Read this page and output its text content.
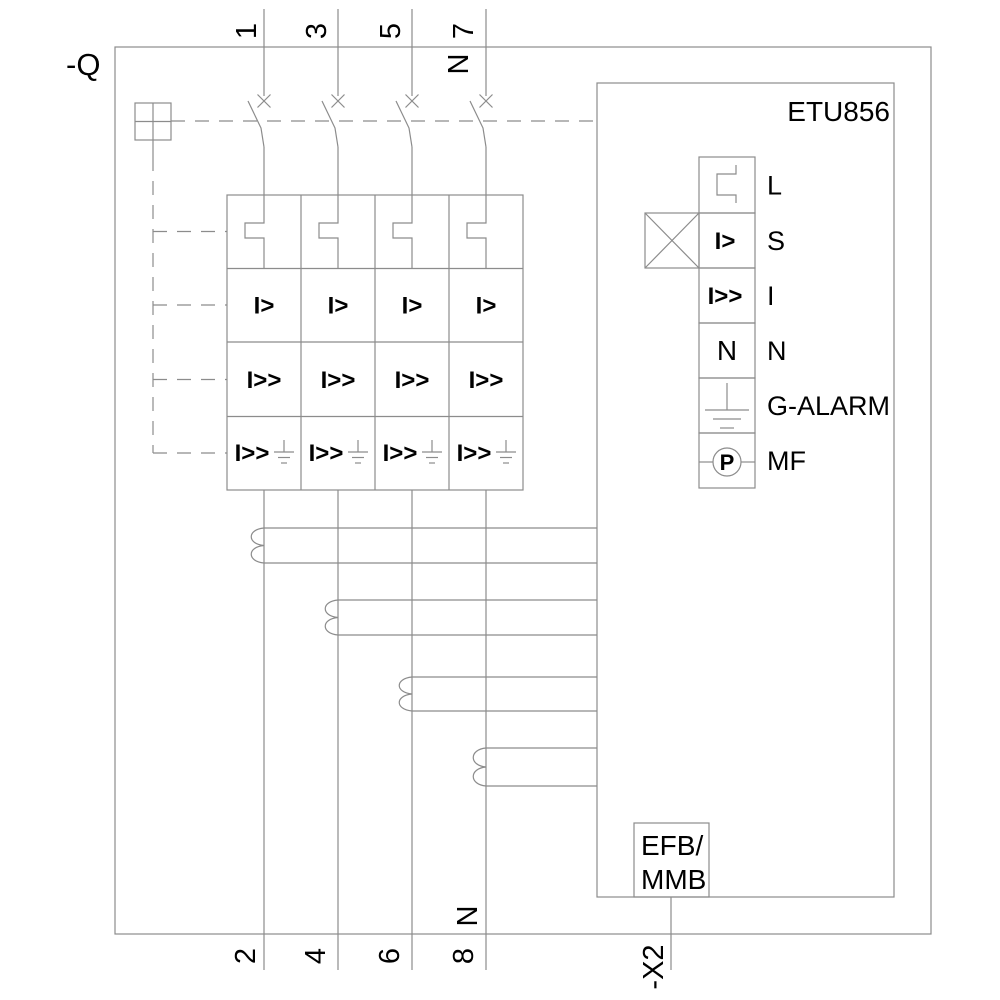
-Q
1 3 5 7
N
ETU856
I>
I>>
N
P
L
S
I
N
G-ALARM
MF
I> I> I> I>
I>> I>> I>> I>>
I>> I>> I>> I>>
EFB/
MMB
2 4 6 8
N
-X2
